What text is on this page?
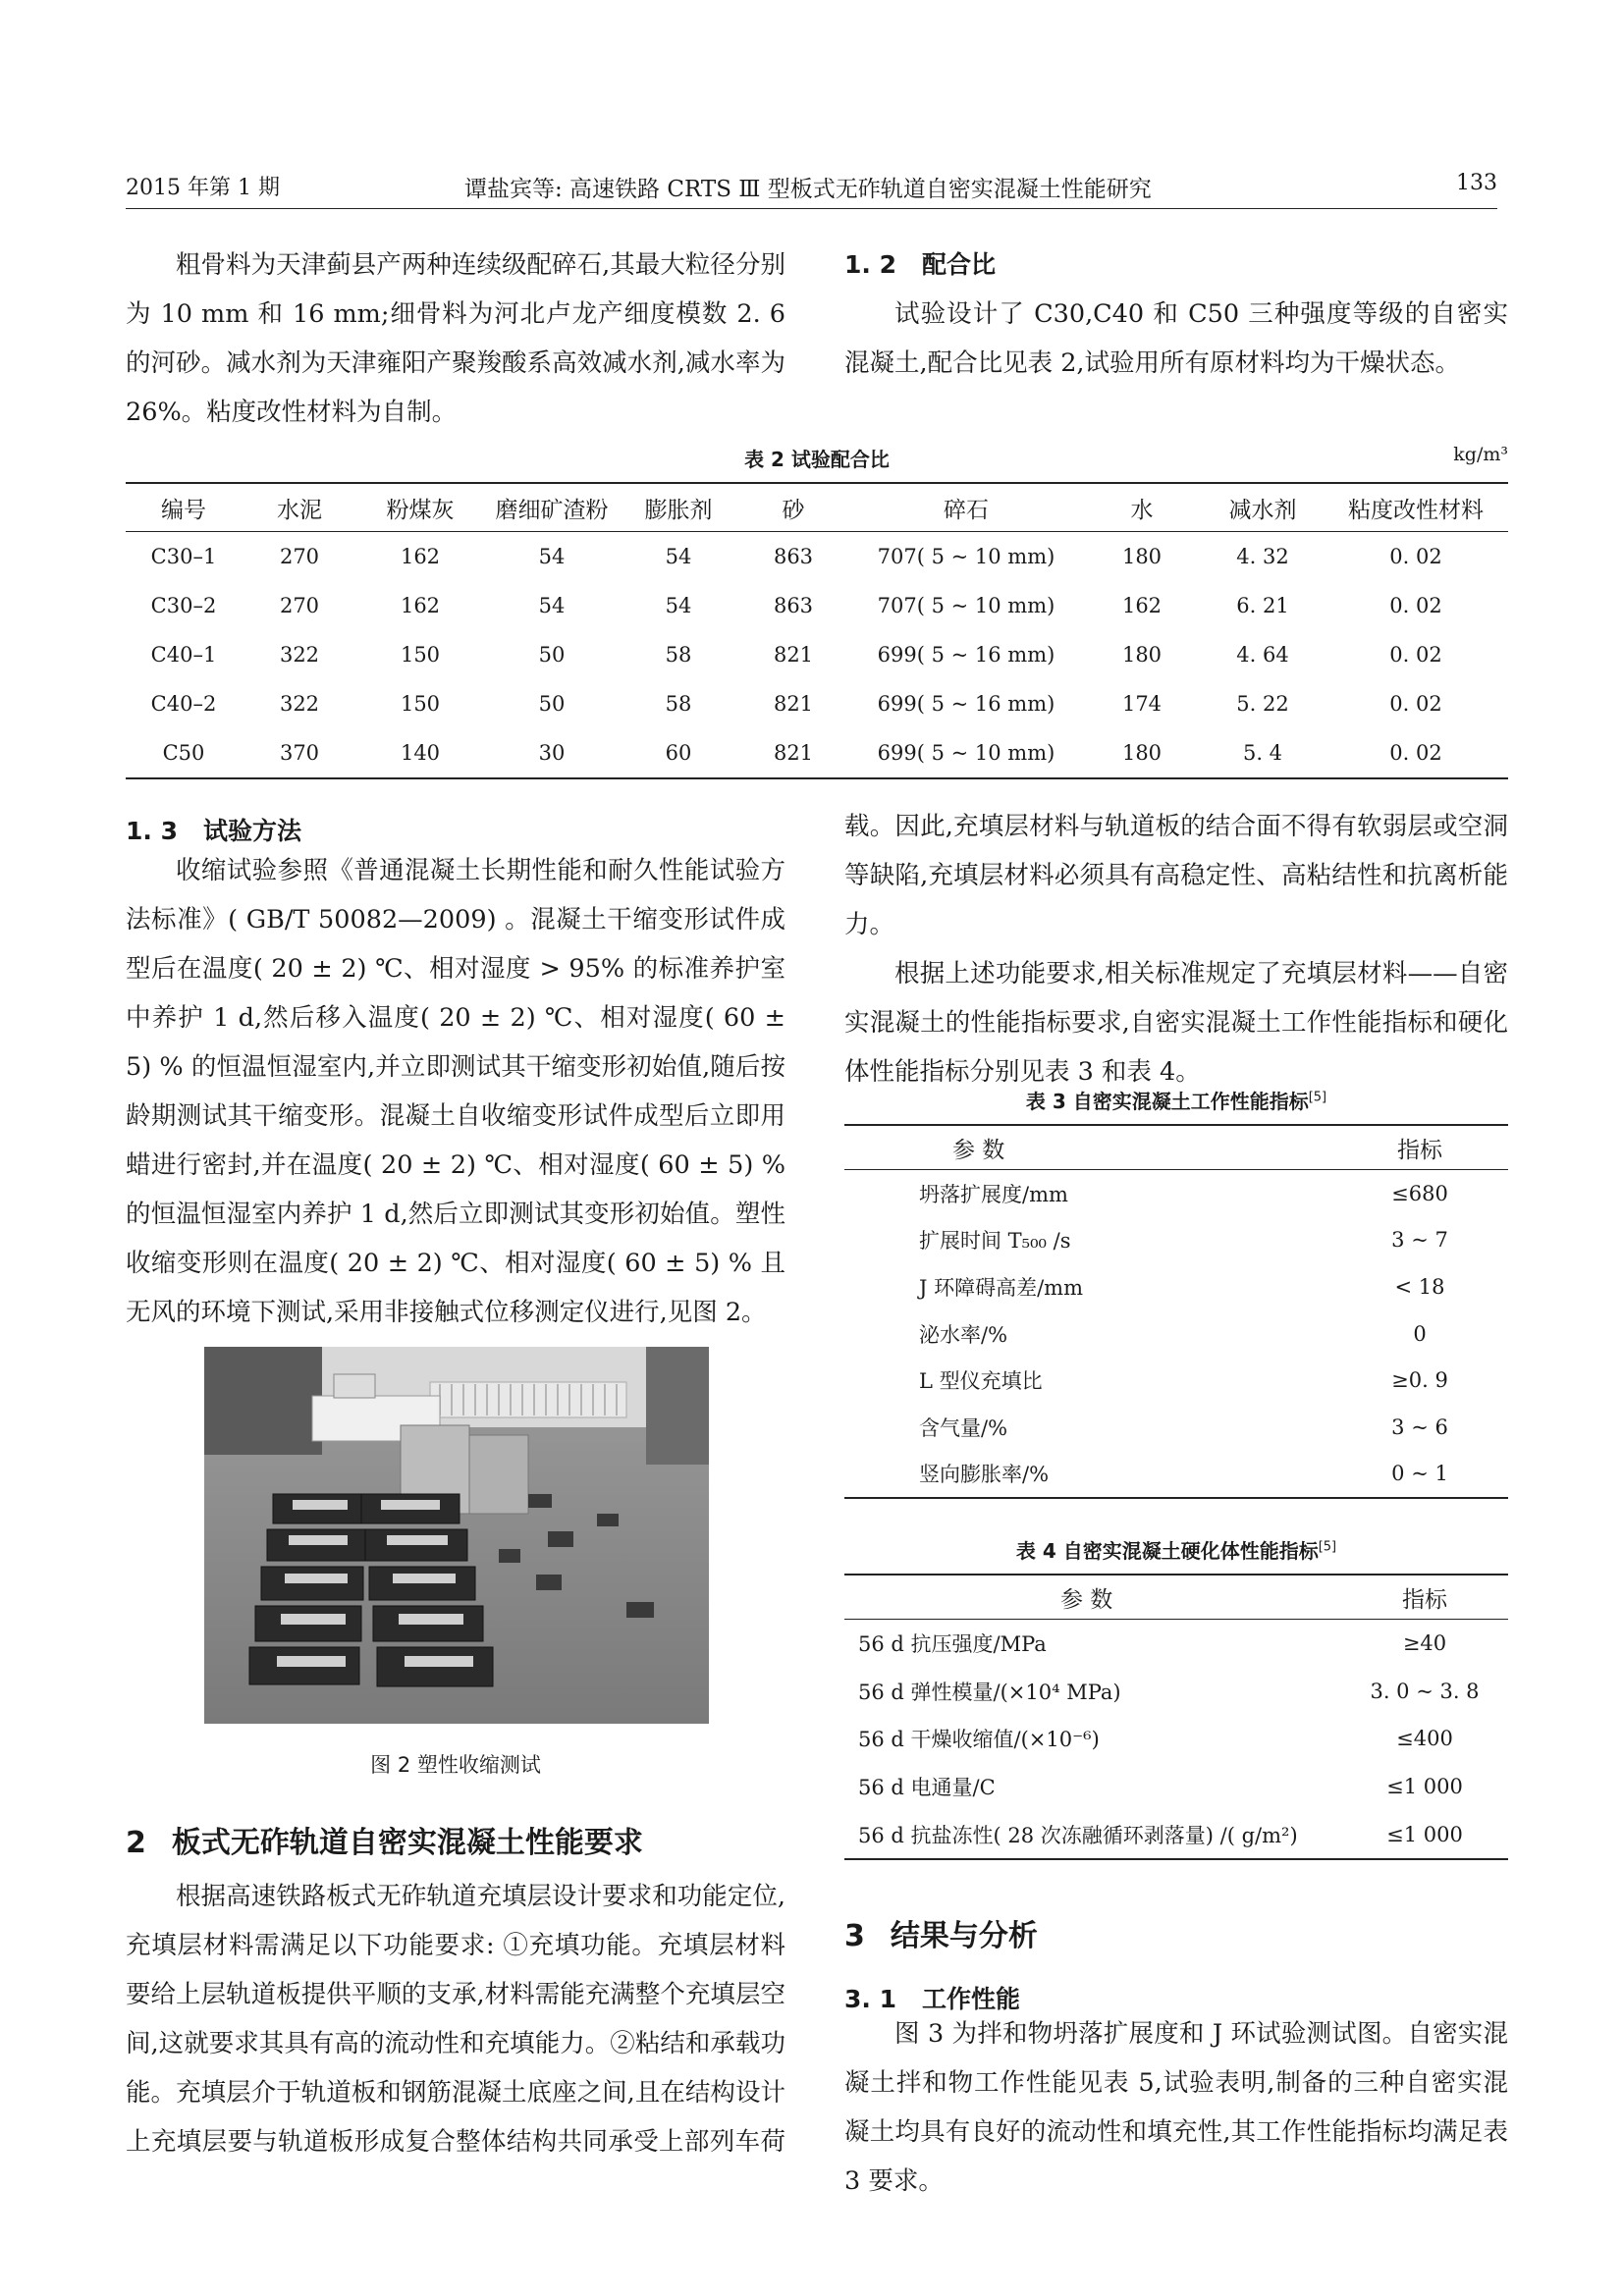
2015 年第 1 期	谭盐宾等: 高速铁路 CRTS Ⅲ 型板式无砟轨道自密实混凝土性能研究	133

粗骨料为天津蓟县产两种连续级配碎石,其最大粒径分别为 10 mm 和 16 mm;细骨料为河北卢龙产细度模数 2. 6 的河砂。减水剂为天津雍阳产聚羧酸系高效减水剂,减水率为 26%。粘度改性材料为自制。

1. 2 配合比

试验设计了 C30,C40 和 C50 三种强度等级的自密实混凝土,配合比见表 2,试验用所有原材料均为干燥状态。

表 2 试验配合比	kg/m³
编号	水泥	粉煤灰	磨细矿渣粉	膨胀剂	砂	碎石	水	减水剂	粘度改性材料
C30–1	270	162	54	54	863	707( 5 ~ 10 mm)	180	4. 32	0. 02
C30–2	270	162	54	54	863	707( 5 ~ 10 mm)	162	6. 21	0. 02
C40–1	322	150	50	58	821	699( 5 ~ 16 mm)	180	4. 64	0. 02
C40–2	322	150	50	58	821	699( 5 ~ 16 mm)	174	5. 22	0. 02
C50	370	140	30	60	821	699( 5 ~ 10 mm)	180	5. 4	0. 02
1. 3 试验方法

收缩试验参照《普通混凝土长期性能和耐久性能试验方法标准》( GB/T 50082—2009) 。混凝土干缩变形试件成型后在温度( 20 ± 2) ℃、相对湿度 > 95% 的标准养护室中养护 1 d,然后移入温度( 20 ± 2) ℃、相对湿度( 60 ± 5) % 的恒温恒湿室内,并立即测试其干缩变形初始值,随后按龄期测试其干缩变形。混凝土自收缩变形试件成型后立即用蜡进行密封,并在温度( 20 ± 2) ℃、相对湿度( 60 ± 5) % 的恒温恒湿室内养护 1 d,然后立即测试其变形初始值。塑性收缩变形则在温度( 20 ± 2) ℃、相对湿度( 60 ± 5) % 且无风的环境下测试,采用非接触式位移测定仪进行,见图 2。

图 2 塑性收缩测试
2 板式无砟轨道自密实混凝土性能要求

根据高速铁路板式无砟轨道充填层设计要求和功能定位,充填层材料需满足以下功能要求: ①充填功能。充填层材料要给上层轨道板提供平顺的支承,材料需能充满整个充填层空间,这就要求其具有高的流动性和充填能力。②粘结和承载功能。充填层介于轨道板和钢筋混凝土底座之间,且在结构设计上充填层要与轨道板形成复合整体结构共同承受上部列车荷

载。因此,充填层材料与轨道板的结合面不得有软弱层或空洞等缺陷,充填层材料必须具有高稳定性、高粘结性和抗离析能力。

根据上述功能要求,相关标准规定了充填层材料——自密实混凝土的性能指标要求,自密实混凝土工作性能指标和硬化体性能指标分别见表 3 和表 4。

表 3 自密实混凝土工作性能指标[5]
参 数	指标
坍落扩展度/mm	≤680
扩展时间 T₅₀₀ /s	3 ~ 7
J 环障碍高差/mm	< 18
泌水率/%	0
L 型仪充填比	≥0. 9
含气量/%	3 ~ 6
竖向膨胀率/%	0 ~ 1
表 4 自密实混凝土硬化体性能指标[5]
参 数	指标
56 d 抗压强度/MPa	≥40
56 d 弹性模量/(×10⁴ MPa)	3. 0 ~ 3. 8
56 d 干燥收缩值/(×10⁻⁶)	≤400
56 d 电通量/C	≤1 000
56 d 抗盐冻性( 28 次冻融循环剥落量) /( g/m²)	≤1 000
3 结果与分析
3. 1 工作性能

图 3 为拌和物坍落扩展度和 J 环试验测试图。自密实混凝土拌和物工作性能见表 5,试验表明,制备的三种自密实混凝土均具有良好的流动性和填充性,其工作性能指标均满足表 3 要求。
